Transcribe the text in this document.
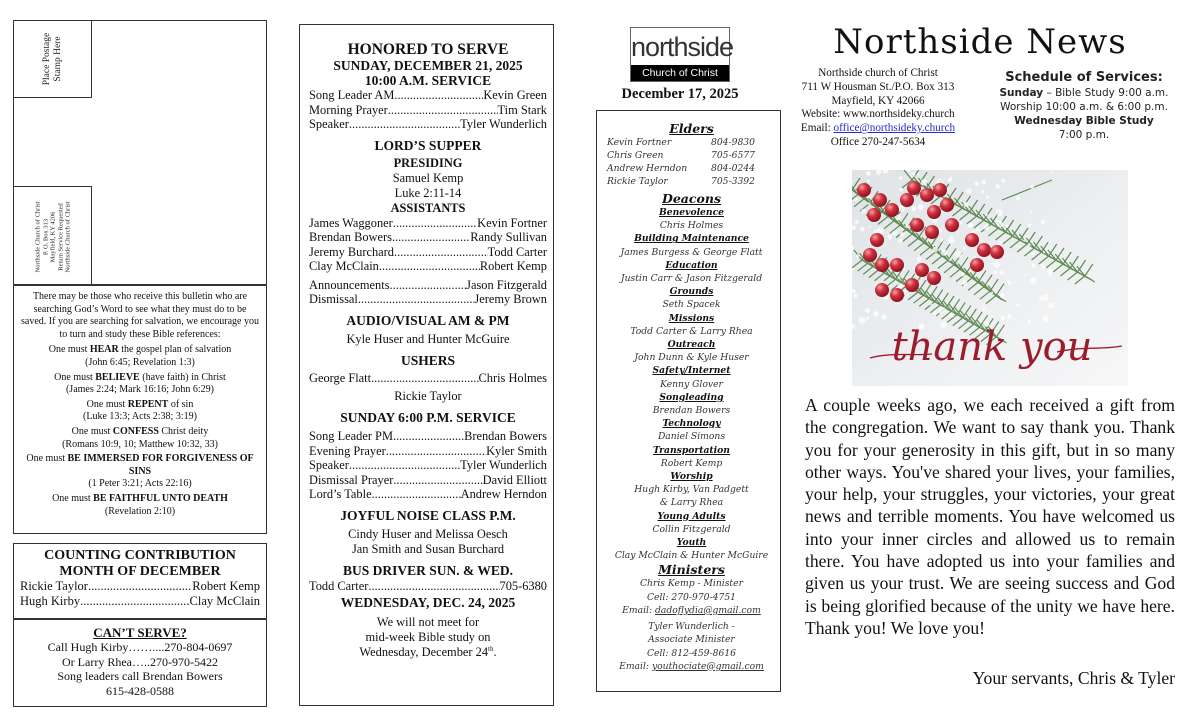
Place Postage Stamp Here
Northside Church of Christ P. O. Box 313 Mayfield, KY 4206 Return Service Requested Northside Church of Christ
There may be those who receive this bulletin who are searching God’s Word to see what they must do to be saved. If you are searching for salvation, we encourage you to turn and study these Bible references:
One must HEAR the gospel plan of salvation
(John 6:45; Revelation 1:3)
One must BELIEVE (have faith) in Christ
(James 2:24; Mark 16:16; John 6:29)
One must REPENT of sin
(Luke 13:3; Acts 2:38; 3:19)
One must CONFESS Christ deity
(Romans 10:9, 10; Matthew 10:32, 33)
One must BE IMMERSED FOR FORGIVENESS OF SINS
(1 Peter 3:21; Acts 22:16)
One must BE FAITHFUL UNTO DEATH
(Revelation 2:10)
COUNTING CONTRIBUTION
MONTH OF DECEMBER
Rickie Taylor .....	Robert Kemp
Hugh Kirby .....	Clay McClain
CAN’T SERVE?
Call Hugh Kirby……....270-804-0697
Or Larry Rhea…..270-970-5422
Song leaders call Brendan Bowers
615-428-0588
HONORED TO SERVE
SUNDAY, DECEMBER 21, 2025
10:00 A.M. SERVICE
Song Leader AM .....	Kevin Green
Morning Prayer .....	Tim Stark
Speaker .....	Tyler Wunderlich
LORD’S SUPPER
PRESIDING
Samuel Kemp
Luke 2:11-14
ASSISTANTS
James Waggoner .....	Kevin Fortner
Brendan Bowers .....	Randy Sullivan
Jeremy Burchard .....	Todd Carter
Clay McClain .....	Robert Kemp
Announcements .....	Jason Fitzgerald
Dismissal .....	Jeremy Brown
AUDIO/VISUAL AM & PM
Kyle Huser and Hunter McGuire
USHERS
George Flatt .....	Chris Holmes
Rickie Taylor
SUNDAY 6:00 P.M. SERVICE
Song Leader PM .....	Brendan Bowers
Evening Prayer .....	Kyler Smith
Speaker .....	Tyler Wunderlich
Dismissal Prayer .....	David Elliott
Lord’s Table .....	Andrew Herndon
JOYFUL NOISE CLASS P.M.
Cindy Huser and Melissa Oesch
Jan Smith and Susan Burchard
BUS DRIVER SUN. & WED.
Todd Carter .....	705-6380
WEDNESDAY, DEC. 24, 2025
We will not meet for
mid-week Bible study on
Wednesday, December 24th.
northside
Church of Christ
December 17, 2025
Elders
Kevin Fortner	804-9830
Chris Green	705-6577
Andrew Herndon	804-0244
Rickie Taylor	705-3392
Deacons
Benevolence
Chris Holmes
Building Maintenance
James Burgess & George Flatt
Education
Justin Carr & Jason Fitzgerald
Grounds
Seth Spacek
Missions
Todd Carter & Larry Rhea
Outreach
John Dunn & Kyle Huser
Safety/Internet
Kenny Glover
Songleading
Brendan Bowers
Technology
Daniel Simons
Transportation
Robert Kemp
Worship
Hugh Kirby, Van Padgett
& Larry Rhea
Young Adults
Collin Fitzgerald
Youth
Clay McClain & Hunter McGuire
Ministers
Chris Kemp - Minister
Cell: 270-970-4751
Email: dadoflydia@gmail.com
Tyler Wunderlich -
Associate Minister
Cell: 812-459-8616
Email: youthociate@gmail.com
Northside News
Northside church of Christ
711 W Housman St./P.O. Box 313
Mayfield, KY 42066
Website: www.northsideky.church
Email: office@northsideky.church
Office 270-247-5634
Schedule of Services:
Sunday – Bible Study 9:00 a.m.
Worship 10:00 a.m. & 6:00 p.m.
Wednesday Bible Study
7:00 p.m.
thank you
A couple weeks ago, we each received a gift from the congregation. We want to say thank you. Thank you for your generosity in this gift, but in so many other ways. You've shared your lives, your families, your help, your struggles, your victories, your great news and terrible moments. You have welcomed us into your inner circles and allowed us to remain there. You have adopted us into your families and given us your trust. We are seeing success and God is being glorified because of the unity we have here. Thank you! We love you!
Your servants, Chris & Tyler
